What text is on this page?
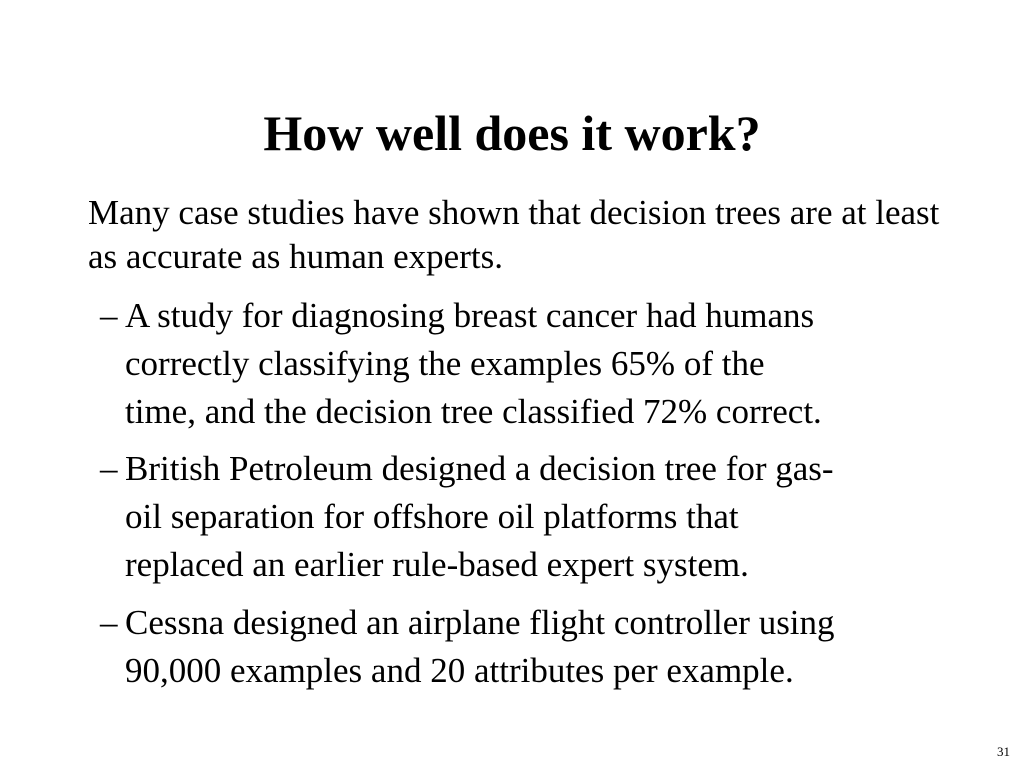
How well does it work?

Many case studies have shown that decision trees are at least as accurate as human experts.

– A study for diagnosing breast cancer had humans
correctly classifying the examples 65% of the
time, and the decision tree classified 72% correct.
– British Petroleum designed a decision tree for gas-
oil separation for offshore oil platforms that
replaced an earlier rule-based expert system.
– Cessna designed an airplane flight controller using
90,000 examples and 20 attributes per example.
31
